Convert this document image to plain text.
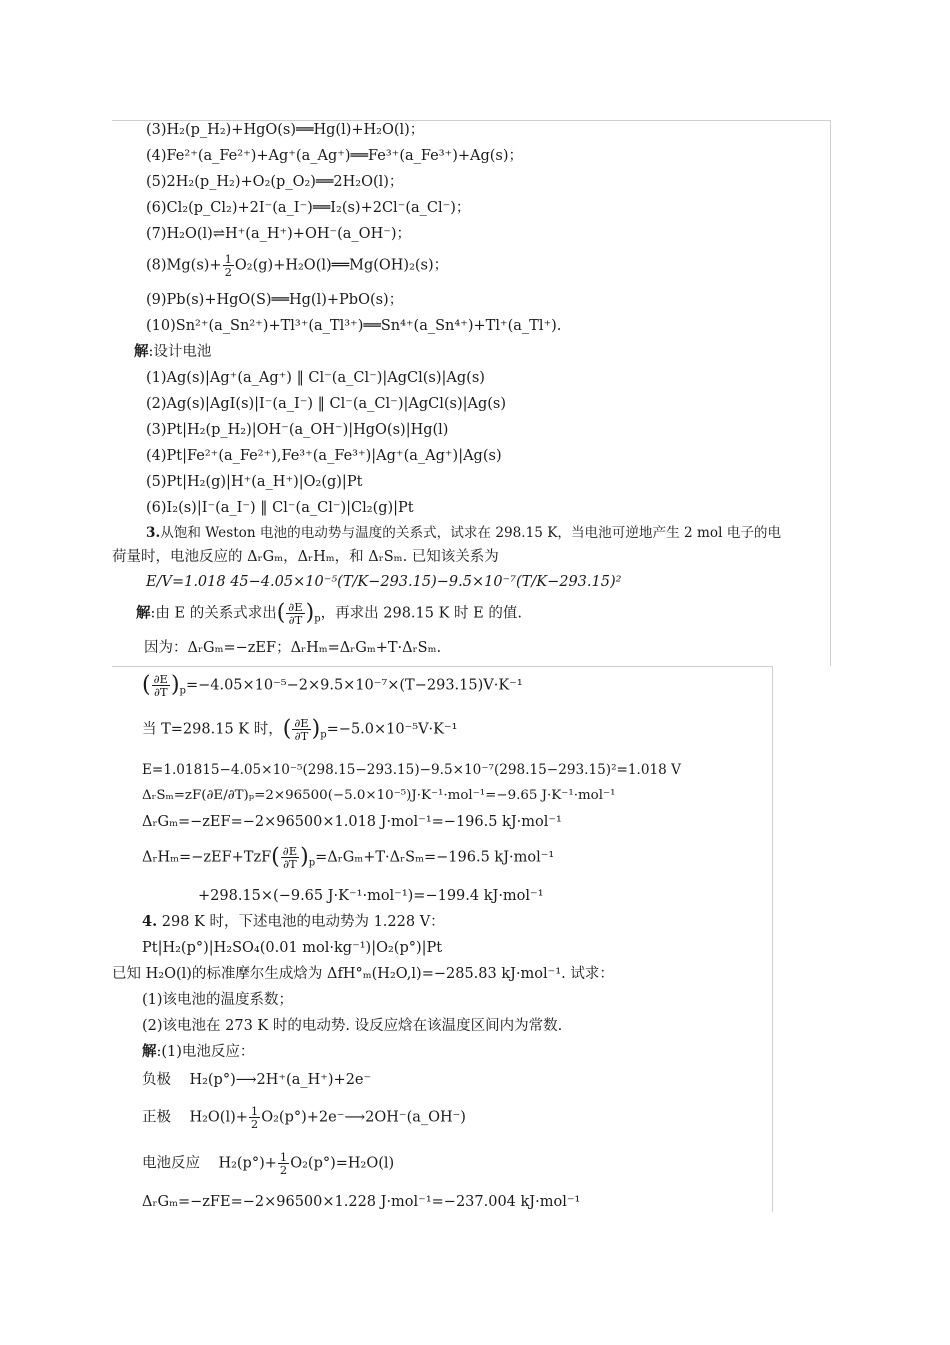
(3)H₂(p_H₂)+HgO(s)══Hg(l)+H₂O(l)；
(4)Fe²⁺(a_Fe²⁺)+Ag⁺(a_Ag⁺)══Fe³⁺(a_Fe³⁺)+Ag(s)；
(5)2H₂(p_H₂)+O₂(p_O₂)══2H₂O(l)；
(6)Cl₂(p_Cl₂)+2I⁻(a_I⁻)══I₂(s)+2Cl⁻(a_Cl⁻)；
(7)H₂O(l)⇌H⁺(a_H⁺)+OH⁻(a_OH⁻)；
$(8)Mg(s)+ \frac{1}{2}$ O₂(g)+H₂O(l)══Mg(OH)₂(s)；
(9)Pb(s)+HgO(S)══Hg(l)+PbO(s)；
(10)Sn²⁺(a_Sn²⁺)+Tl³⁺(a_Tl³⁺)══Sn⁴⁺(a_Sn⁴⁺)+Tl⁺(a_Tl⁺).
解:设计电池
(1)Ag(s)|Ag⁺(a_Ag⁺) ‖ Cl⁻(a_Cl⁻)|AgCl(s)|Ag(s)
(2)Ag(s)|AgI(s)|I⁻(a_I⁻) ‖ Cl⁻(a_Cl⁻)|AgCl(s)|Ag(s)
(3)Pt|H₂(p_H₂)|OH⁻(a_OH⁻)|HgO(s)|Hg(l)
(4)Pt|Fe²⁺(a_Fe²⁺),Fe³⁺(a_Fe³⁺)|Ag⁺(a_Ag⁺)|Ag(s)
(5)Pt|H₂(g)|H⁺(a_H⁺)|O₂(g)|Pt
(6)I₂(s)|I⁻(a_I⁻) ‖ Cl⁻(a_Cl⁻)|Cl₂(g)|Pt
3.从饱和 Weston 电池的电动势与温度的关系式，试求在 298.15 K，当电池可逆地产生 2 mol 电子的电
荷量时，电池反应的 ΔᵣGₘ，ΔᵣHₘ，和 ΔᵣSₘ. 已知该关系为
E/V=1.018 45−4.05×10⁻⁵(T/K−293.15)−9.5×10⁻⁷(T/K−293.15)²
解:由 E 的关系式求出( $\frac{\partial E}{\partial T} )_p$，再求出 298.15 K 时 E 的值.
因为：ΔᵣGₘ=−zEF；ΔᵣHₘ=ΔᵣGₘ+T·ΔᵣSₘ.
( $\frac{\partial E}{\partial T} )_p=-4.05\times 10^{-5}-2\times 9.5\times 10^{-7}\times(T-293.15)V\cdot K^{-1}$
当 T=298.15 K 时，( $\frac{\partial E}{\partial T} )_p=-5.0\times 10^{-5}V\cdot K^{-1}$
E=1.01815−4.05×10⁻⁵(298.15−293.15)−9.5×10⁻⁷(298.15−293.15)²=1.018 V
ΔᵣSₘ=zF(∂E/∂T)ₚ=2×96500(−5.0×10⁻⁵)J·K⁻¹·mol⁻¹=−9.65 J·K⁻¹·mol⁻¹
ΔᵣGₘ=−zEF=−2×96500×1.018 J·mol⁻¹=−196.5 kJ·mol⁻¹
ΔᵣHₘ=−zEF+TzF( $\frac{\partial E}{\partial T}$ )$_p=\Delta ᵣG_m+T\cdot\Delta ᵣS_m=-196.5$ kJ·mol⁻¹
+298.15×(−9.65 J·K⁻¹·mol⁻¹)=−199.4 kJ·mol⁻¹
4. 298 K 时，下述电池的电动势为 1.228 V：
Pt|H₂(p°)|H₂SO₄(0.01 mol·kg⁻¹)|O₂(p°)|Pt
已知 H₂O(l)的标准摩尔生成焓为 ΔfH°ₘ(H₂O,l)=−285.83 kJ·mol⁻¹. 试求：
(1)该电池的温度系数；
(2)该电池在 273 K 时的电动势. 设反应焓在该温度区间内为常数.
解:(1)电池反应：
负极 H₂(p°)⟶2H⁺(a_H⁺)+2e⁻
正极 $H_2O(l)+ \frac{1}{2}$ O₂(p°)+2e⁻⟶2OH⁻(a_OH⁻)
电池反应 $H_2(p^\circ)+ \frac{1}{2} O_2(p^\circ)=H_2O(l)$
ΔᵣGₘ=−zFE=−2×96500×1.228 J·mol⁻¹=−237.004 kJ·mol⁻¹
